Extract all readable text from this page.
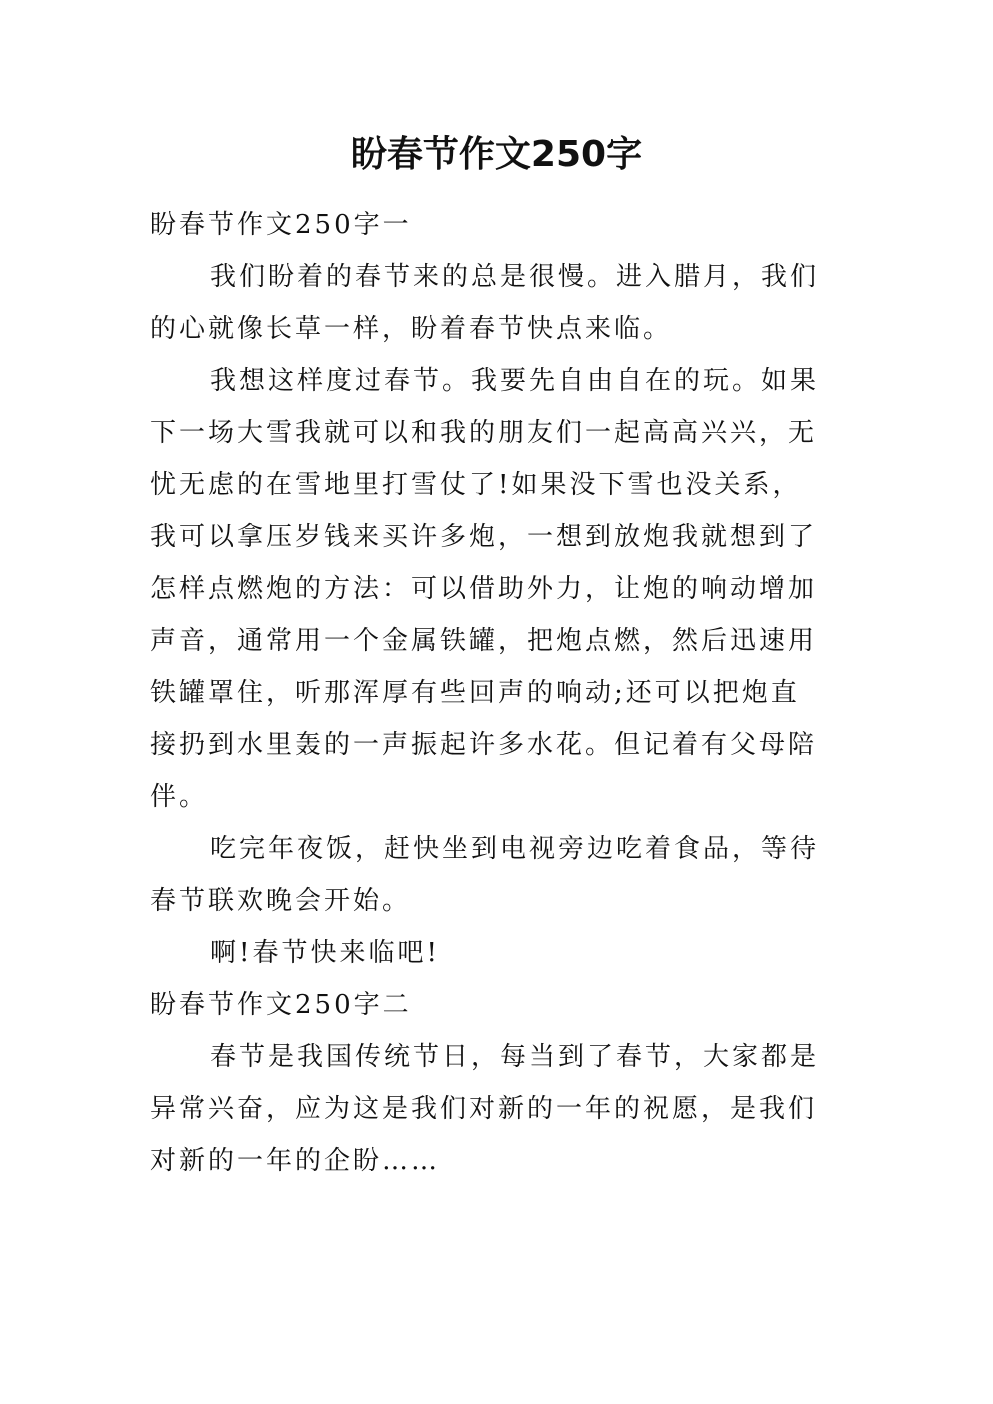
盼春节作文250字
盼春节作文250字一
我们盼着的春节来的总是很慢。进入腊月，我们
的心就像长草一样，盼着春节快点来临。
我想这样度过春节。我要先自由自在的玩。如果
下一场大雪我就可以和我的朋友们一起高高兴兴，无
忧无虑的在雪地里打雪仗了!如果没下雪也没关系，
我可以拿压岁钱来买许多炮，一想到放炮我就想到了
怎样点燃炮的方法：可以借助外力，让炮的响动增加
声音，通常用一个金属铁罐，把炮点燃，然后迅速用
铁罐罩住，听那浑厚有些回声的响动;还可以把炮直
接扔到水里轰的一声振起许多水花。但记着有父母陪
伴。
吃完年夜饭，赶快坐到电视旁边吃着食品，等待
春节联欢晚会开始。
啊!春节快来临吧!
盼春节作文250字二
春节是我国传统节日，每当到了春节，大家都是
异常兴奋，应为这是我们对新的一年的祝愿，是我们
对新的一年的企盼……
